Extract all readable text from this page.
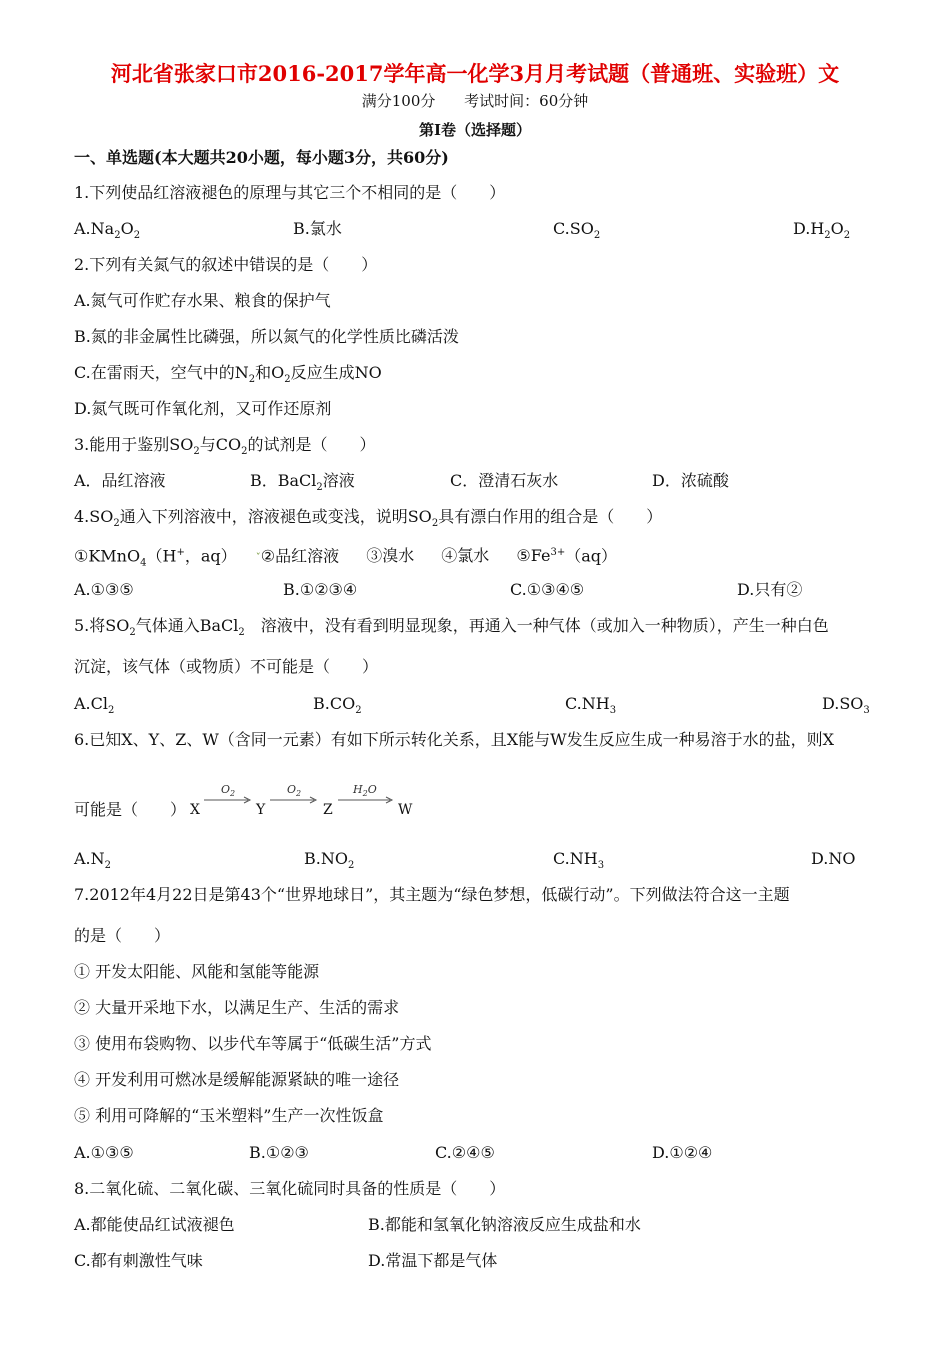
河北省张家口市2016-2017学年高一化学3月月考试题（普通班、实验班）文
满分100分 考试时间：60分钟
第Ⅰ卷（选择题）
一、单选题(本大题共20小题，每小题3分，共60分)
1.下列使品红溶液褪色的原理与其它三个不相同的是（　　）
$A.Na_2O_2$	B.氯水	$C.SO_2$	$D.H_2O_2$
2.下列有关氮气的叙述中错误的是（　　）
A.氮气可作贮存水果、粮食的保护气
B.氮的非金属性比磷强，所以氮气的化学性质比磷活泼
C.在雷雨天，空气中的$N_2$和$O_2$反应生成NO
D.氮气既可作氧化剂，又可作还原剂
3.能用于鉴别$SO_2$与$CO_2$的试剂是（　　）
A．品红溶液	B．BaCl$_2$溶液	C．澄清石灰水	D．浓硫酸
$4.SO_2$通入下列溶液中，溶液褪色或变浅，说明$SO_2$具有漂白作用的组合是（　　）
①KMnO$_4$（H+，aq） ˇ②品红溶液 ③溴水 ④氯水 $⑤Fe^{3+}(aq)$
A.①③⑤	B.①②③④	C.①③④⑤	D.只有②
5.将$SO_2$气体通入BaCl$_2$　溶液中，没有看到明显现象，再通入一种气体（或加入一种物质），产生一种白色
沉淀，该气体（或物质）不可能是（　　）
$A.Cl_2$	$B.CO_2$	$C.NH_3$	$D.SO_3$
6.已知X、Y、Z、W（含同一元素）有如下所示转化关系，且X能与W发生反应生成一种易溶于水的盐，则X
可能是（　　） X	Y	Z	W
$O_2$	$O_2$	$H_2O$
$A.N_2$	$B.NO_2$	$C.NH_3$	D.NO
7.2012年4月22日是第43个“世界地球日”，其主题为“绿色梦想，低碳行动”。下列做法符合这一主题
的是（　　）
① 开发太阳能、风能和氢能等能源
② 大量开采地下水，以满足生产、生活的需求
③ 使用布袋购物、以步代车等属于“低碳生活”方式
④ 开发利用可燃冰是缓解能源紧缺的唯一途径
⑤ 利用可降解的“玉米塑料”生产一次性饭盒
A.①③⑤	B.①②③	C.②④⑤	D.①②④
8.二氧化硫、二氧化碳、三氧化硫同时具备的性质是（　　）
A.都能使品红试液褪色	B.都能和氢氧化钠溶液反应生成盐和水
C.都有刺激性气味	D.常温下都是气体
